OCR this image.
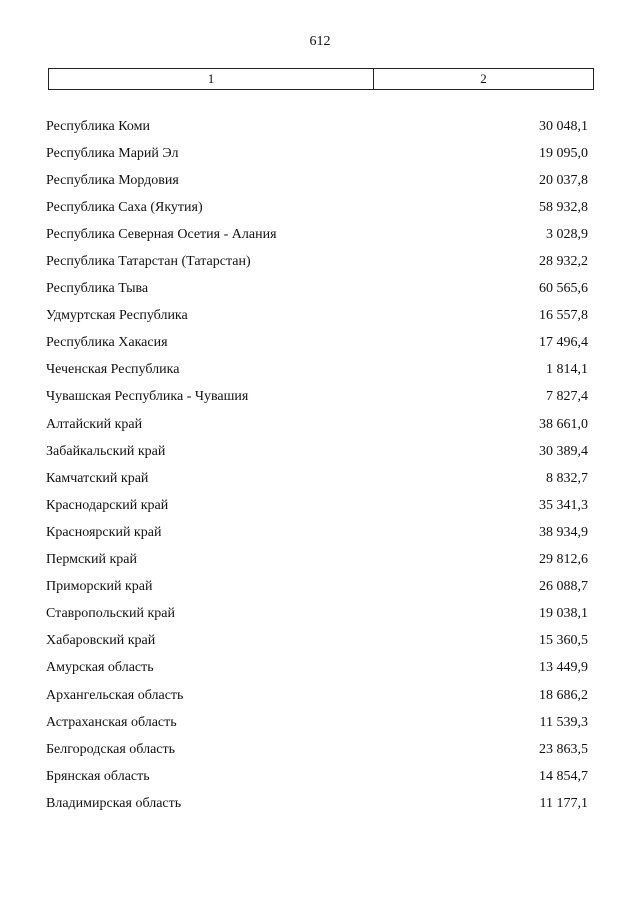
612
1	2
Республика Коми	30 048,1
Республика Марий Эл	19 095,0
Республика Мордовия	20 037,8
Республика Саха (Якутия)	58 932,8
Республика Северная Осетия - Алания	3 028,9
Республика Татарстан (Татарстан)	28 932,2
Республика Тыва	60 565,6
Удмуртская Республика	16 557,8
Республика Хакасия	17 496,4
Чеченская Республика	1 814,1
Чувашская Республика - Чувашия	7 827,4
Алтайский край	38 661,0
Забайкальский край	30 389,4
Камчатский край	8 832,7
Краснодарский край	35 341,3
Красноярский край	38 934,9
Пермский край	29 812,6
Приморский край	26 088,7
Ставропольский край	19 038,1
Хабаровский край	15 360,5
Амурская область	13 449,9
Архангельская область	18 686,2
Астраханская область	11 539,3
Белгородская область	23 863,5
Брянская область	14 854,7
Владимирская область	11 177,1
